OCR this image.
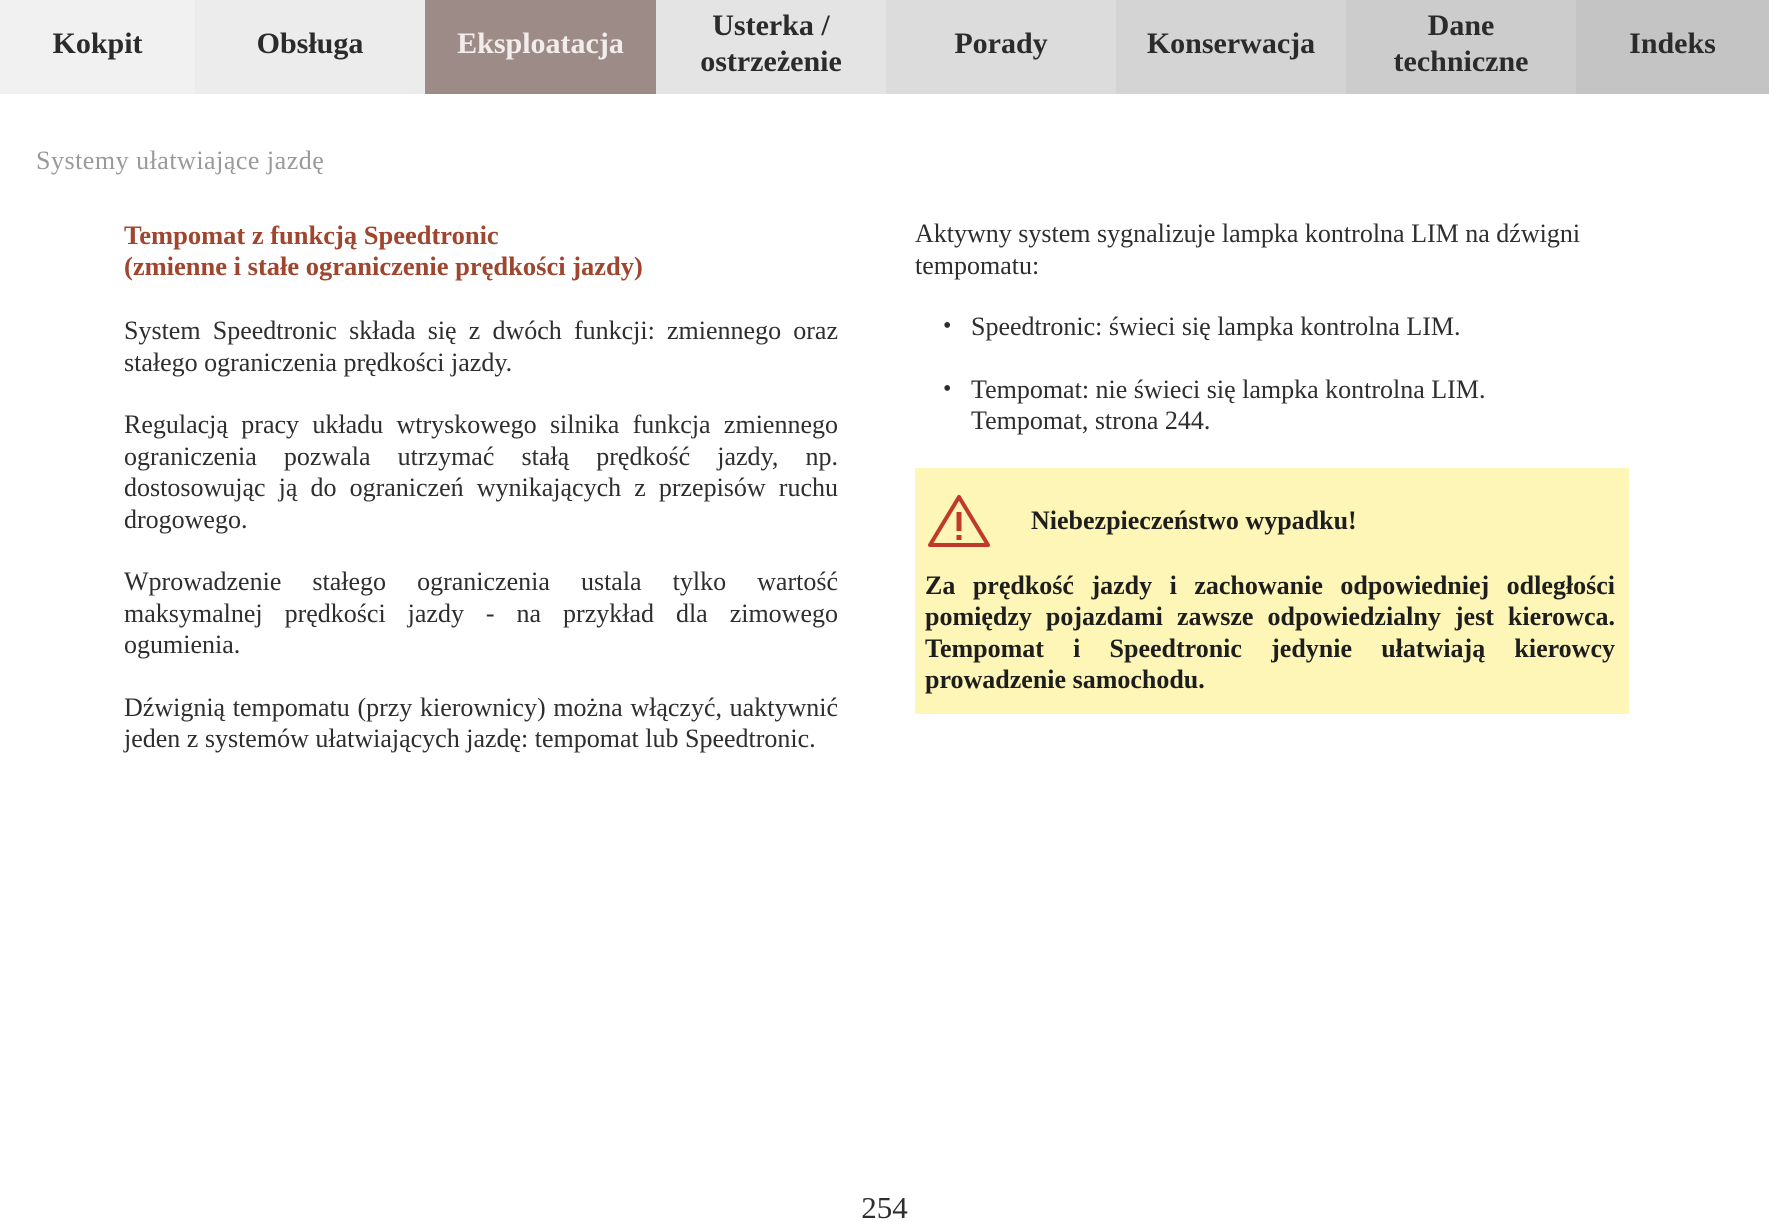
Kokpit	Obsługa	Eksploatacja
Usterka /
ostrzeżenie
Porady	Konserwacja
Dane
techniczne
Indeks
Systemy ułatwiające jazdę
Tempomat z funkcją Speedtronic
(zmienne i stałe ograniczenie prędkości jazdy)

System Speedtronic składa się z dwóch funkcji: zmiennego oraz stałego ograniczenia prędkości jazdy.

Regulacją pracy układu wtryskowego silnika funkcja zmiennego ograniczenia pozwala utrzymać stałą prędkość jazdy, np. dostosowując ją do ograniczeń wynikających z przepisów ruchu drogowego.

Wprowadzenie stałego ograniczenia ustala tylko wartość maksymalnej prędkości jazdy - na przykład dla zimowego ogumienia.

Dźwignią tempomatu (przy kierownicy) można włączyć, uaktywnić jeden z systemów ułatwiających jazdę: tempomat lub Speedtronic.

Aktywny system sygnalizuje lampka kontrolna LIM na dźwigni tempomatu:

• Speedtronic: świeci się lampka kontrolna LIM.
• Tempomat: nie świeci się lampka kontrolna LIM.
Tempomat, strona 244.
Niebezpieczeństwo wypadku!

Za prędkość jazdy i zachowanie odpowiedniej odległości pomiędzy pojazdami zawsze odpowiedzialny jest kierowca. Tempomat i Speedtronic jedynie ułatwiają kierowcy prowadzenie samochodu.

254
